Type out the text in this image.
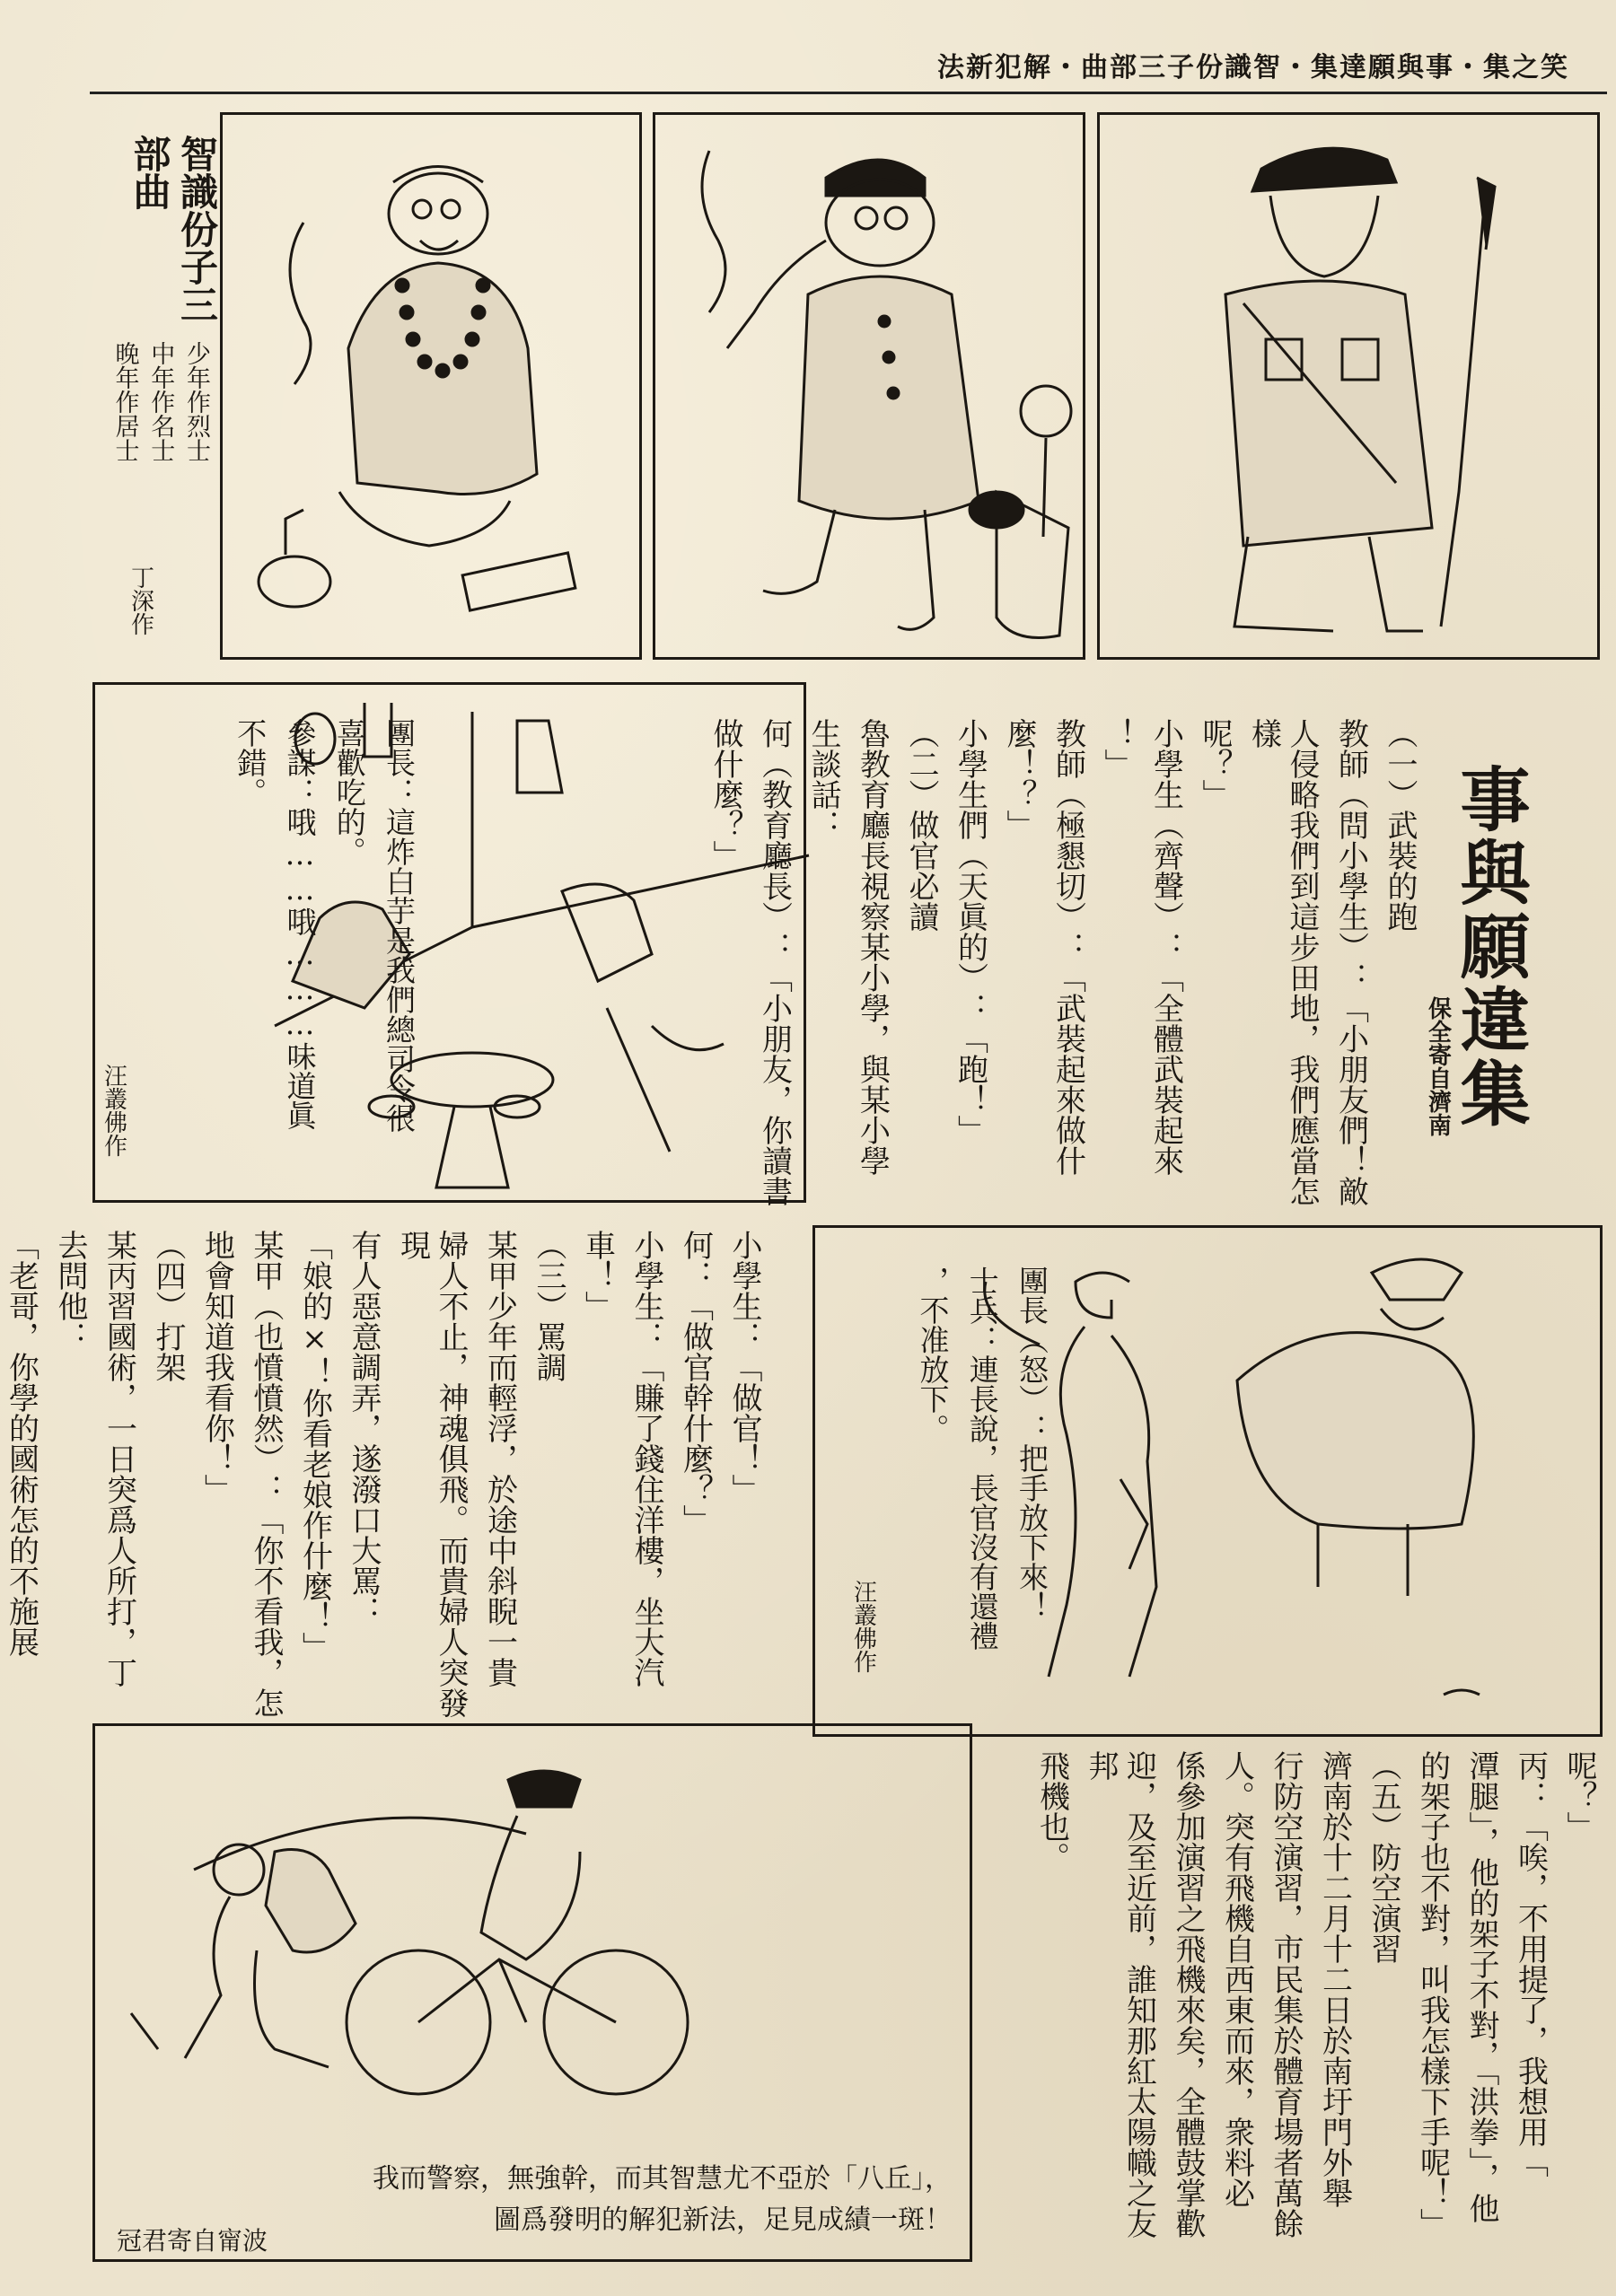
法新犯解・曲部三子份識智・集達願與事・集之笑
智識份子三部曲
少年作烈士
中年作名士
晚年作居士
丁深作
團長：這炸白芋是我們總司令很
喜歡吃的。
參謀：哦……哦………味道眞
不錯。
汪叢佛作	事與願違集
保全寄自濟南
（一）武裝的跑
教師（問小學生）：「小朋友們！敵
人侵略我們到這步田地，我們應當怎樣
呢？」
小學生（齊聲）：「全體武裝起來
！」
教師（極懇切）：「武裝起來做什
麼！？」
小學生們（天眞的）：「跑！」
（二）做官必讀
魯教育廳長視察某小學，與某小學
生談話：
何（教育廳長）：「小朋友，你讀書
做什麼？」
小學生：「做官！」
何：「做官幹什麼？」
小學生：「賺了錢住洋樓，坐大汽
車！」
（三）罵調
某甲少年而輕浮，於途中斜睨一貴
婦人不止，神魂俱飛。而貴婦人突發現
有人惡意調弄，遂潑口大罵：
「娘的×！你看老娘作什麼！」
某甲（也憤憤然）：「你不看我，怎
地會知道我看你！」
（四）打架
某丙習國術，一日突爲人所打，丁
去問他：
「老哥，你學的國術怎的不施展	團長（怒）：把手放下來！
士兵：連長說，長官沒有還禮
，不准放下。
汪叢佛作
冠君寄自甯波
圖爲發明的解犯新法，足見成績一斑！
我而警察，無強幹，而其智慧尤不亞於「八丘」，
呢？」
丙：「唉，不用提了，我想用「
潭腿」，他的架子不對，「洪拳」，他
的架子也不對，叫我怎樣下手呢！」
（五）防空演習
濟南於十二月十二日於南圩門外舉
行防空演習，市民集於體育場者萬餘
人。突有飛機自西東而來，衆料必
係參加演習之飛機來矣，全體鼓掌歡
迎，及至近前，誰知那紅太陽幟之友邦
飛機也。
